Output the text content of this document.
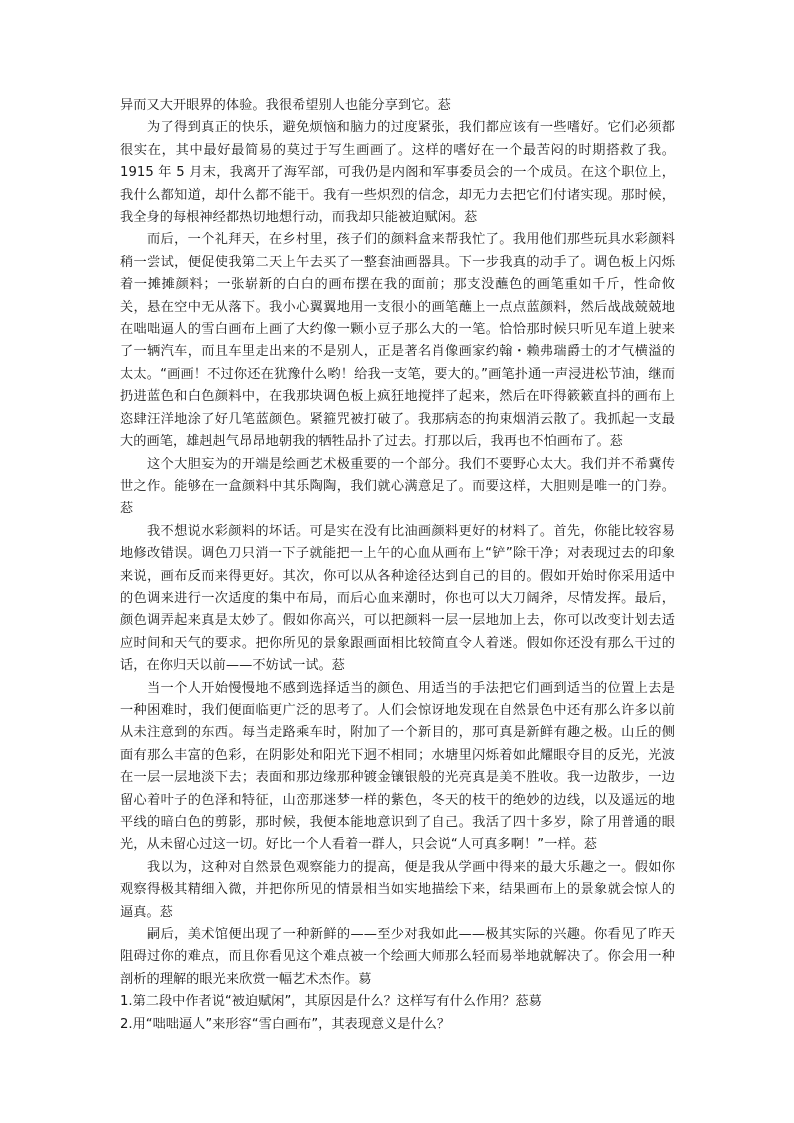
异而又大开眼界的体验。我很希望别人也能分享到它。䓗

为了得到真正的快乐，避免烦恼和脑力的过度紧张，我们都应该有一些嗜好。它们必须都很实在，其中最好最简易的莫过于写生画画了。这样的嗜好在一个最苦闷的时期搭救了我。1915 年 5 月末，我离开了海军部，可我仍是内阁和军事委员会的一个成员。在这个职位上，我什么都知道，却什么都不能干。我有一些炽烈的信念，却无力去把它们付诸实现。那时候，我全身的每根神经都热切地想行动，而我却只能被迫赋闲。䓗

而后，一个礼拜天，在乡村里，孩子们的颜料盒来帮我忙了。我用他们那些玩具水彩颜料稍一尝试，便促使我第二天上午去买了一整套油画器具。下一步我真的动手了。调色板上闪烁着一摊摊颜料；一张崭新的白白的画布摆在我的面前；那支没蘸色的画笔重如千斤，性命攸关，悬在空中无从落下。我小心翼翼地用一支很小的画笔蘸上一点点蓝颜料，然后战战兢兢地在咄咄逼人的雪白画布上画了大约像一颗小豆子那么大的一笔。恰恰那时候只听见车道上驶来了一辆汽车，而且车里走出来的不是别人，正是著名肖像画家约翰・赖弗瑞爵士的才气横溢的太太。“画画！不过你还在犹豫什么哟！给我一支笔，要大的。”画笔扑通一声浸进松节油，继而扔进蓝色和白色颜料中，在我那块调色板上疯狂地搅拌了起来，然后在吓得簌簌直抖的画布上恣肆汪洋地涂了好几笔蓝颜色。紧箍咒被打破了。我那病态的拘束烟消云散了。我抓起一支最大的画笔，雄赳赳气昂昂地朝我的牺牲品扑了过去。打那以后，我再也不怕画布了。䓗

这个大胆妄为的开端是绘画艺术极重要的一个部分。我们不要野心太大。我们并不希冀传世之作。能够在一盒颜料中其乐陶陶，我们就心满意足了。而要这样，大胆则是唯一的门券。䓗

我不想说水彩颜料的坏话。可是实在没有比油画颜料更好的材料了。首先，你能比较容易地修改错误。调色刀只消一下子就能把一上午的心血从画布上“铲”除干净；对表现过去的印象来说，画布反而来得更好。其次，你可以从各种途径达到自己的目的。假如开始时你采用适中的色调来进行一次适度的集中布局，而后心血来潮时，你也可以大刀阔斧，尽情发挥。最后，颜色调弄起来真是太妙了。假如你高兴，可以把颜料一层一层地加上去，你可以改变计划去适应时间和天气的要求。把你所见的景象跟画面相比较简直令人着迷。假如你还没有那么干过的话，在你归天以前——不妨试一试。䓗

当一个人开始慢慢地不感到选择适当的颜色、用适当的手法把它们画到适当的位置上去是一种困难时，我们便面临更广泛的思考了。人们会惊讶地发现在自然景色中还有那么许多以前从未注意到的东西。每当走路乘车时，附加了一个新目的，那可真是新鲜有趣之极。山丘的侧面有那么丰富的色彩，在阴影处和阳光下迥不相同；水塘里闪烁着如此耀眼夺目的反光，光波在一层一层地淡下去；表面和那边缘那种镀金镶银般的光亮真是美不胜收。我一边散步，一边留心着叶子的色泽和特征，山峦那迷梦一样的紫色，冬天的枝干的绝妙的边线，以及遥远的地平线的暗白色的剪影，那时候，我便本能地意识到了自己。我活了四十多岁，除了用普通的眼光，从未留心过这一切。好比一个人看着一群人，只会说“人可真多啊！”一样。䓗

我以为，这种对自然景色观察能力的提高，便是我从学画中得来的最大乐趣之一。假如你观察得极其精细入微，并把你所见的情景相当如实地描绘下来，结果画布上的景象就会惊人的逼真。䓗

嗣后，美术馆便出现了一种新鲜的——至少对我如此——极其实际的兴趣。你看见了昨天阻碍过你的难点，而且你看见这个难点被一个绘画大师那么轻而易举地就解决了。你会用一种剖析的理解的眼光来欣赏一幅艺术杰作。䓪

1.第二段中作者说“被迫赋闲”，其原因是什么？这样写有什么作用？䓗䓪

2.用“咄咄逼人”来形容“雪白画布”，其表现意义是什么？
